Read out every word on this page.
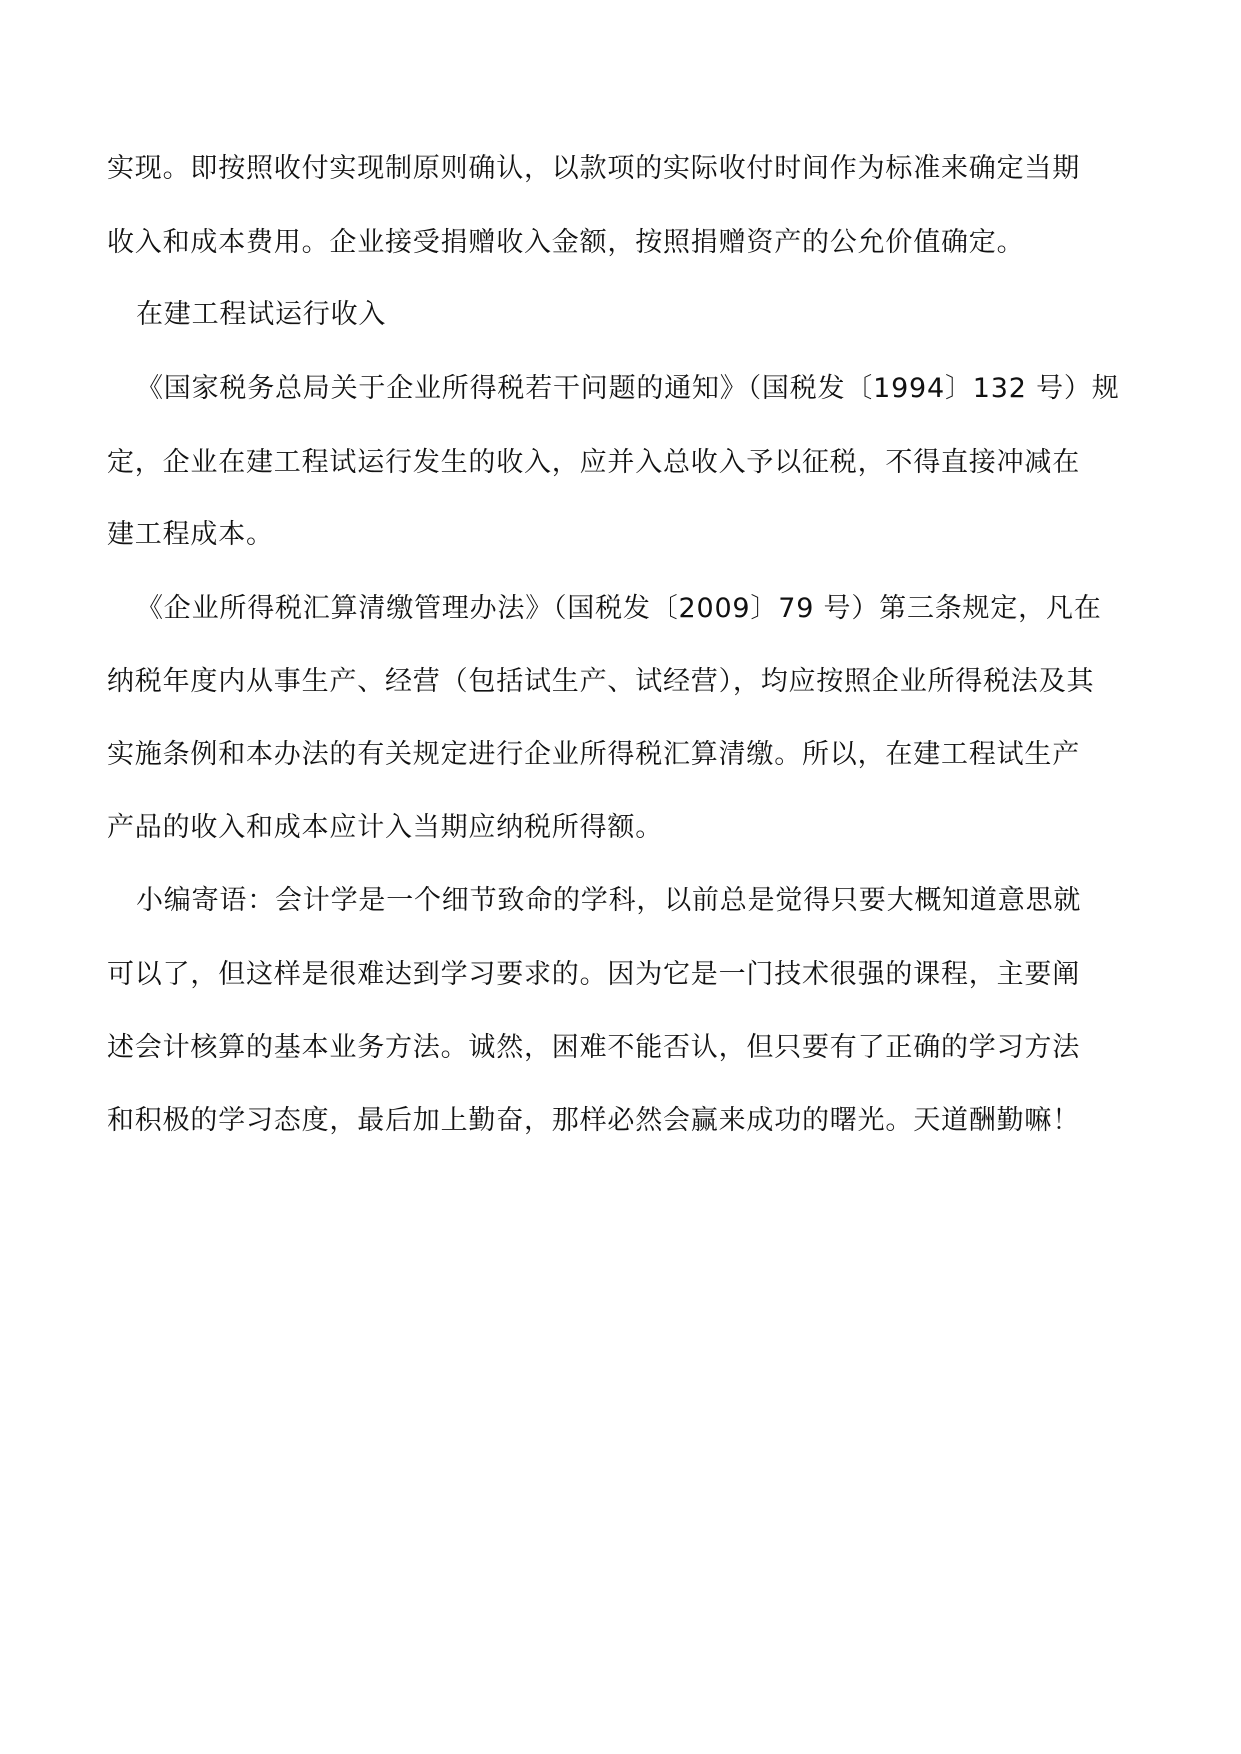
实现。即按照收付实现制原则确认，以款项的实际收付时间作为标准来确定当期
收入和成本费用。企业接受捐赠收入金额，按照捐赠资产的公允价值确定。
在建工程试运行收入
《国家税务总局关于企业所得税若干问题的通知》（国税发〔1994〕132 号）规
定，企业在建工程试运行发生的收入，应并入总收入予以征税，不得直接冲减在
建工程成本。
《企业所得税汇算清缴管理办法》（国税发〔2009〕79 号）第三条规定，凡在
纳税年度内从事生产、经营（包括试生产、试经营），均应按照企业所得税法及其
实施条例和本办法的有关规定进行企业所得税汇算清缴。所以，在建工程试生产
产品的收入和成本应计入当期应纳税所得额。
小编寄语：会计学是一个细节致命的学科，以前总是觉得只要大概知道意思就
可以了，但这样是很难达到学习要求的。因为它是一门技术很强的课程，主要阐
述会计核算的基本业务方法。诚然，困难不能否认，但只要有了正确的学习方法
和积极的学习态度，最后加上勤奋，那样必然会赢来成功的曙光。天道酬勤嘛！
